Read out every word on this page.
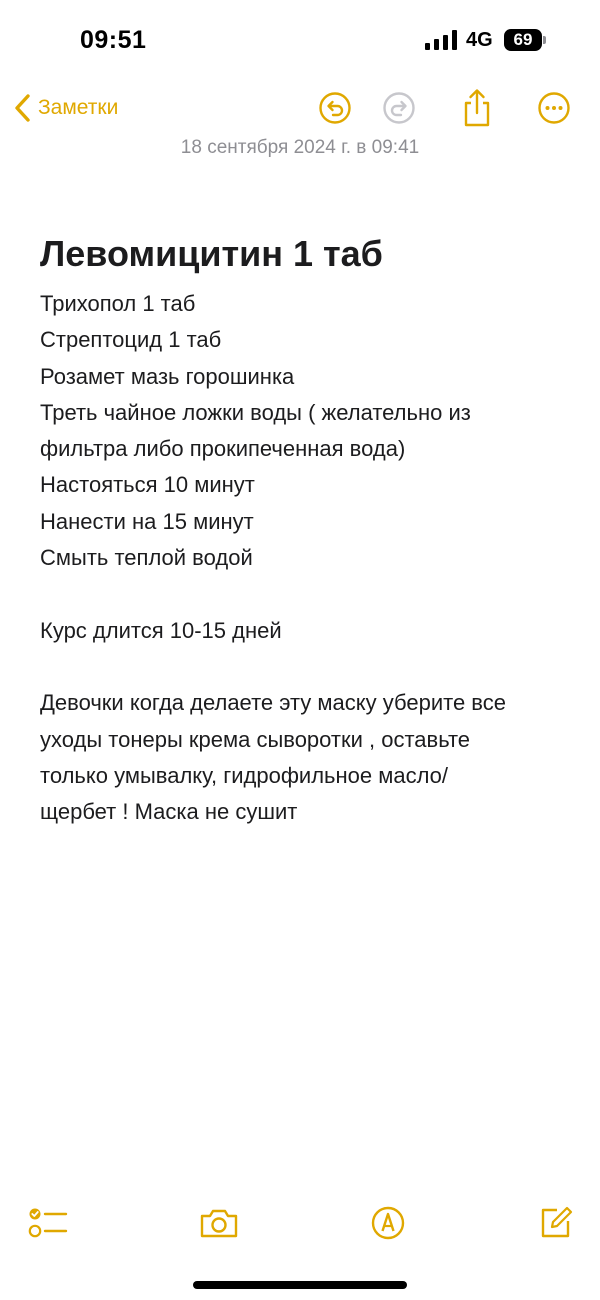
09:51	4G	69
Заметки
18 сентября 2024 г. в 09:41
Левомицитин 1 таб
Трихопол 1 таб
Стрептоцид 1 таб
Розамет мазь горошинка
Треть чайное ложки воды ( желательно из
фильтра либо прокипеченная вода)
Настояться 10 минут
Нанести на 15 минут
Смыть теплой водой
Курс длится 10-15 дней
Девочки когда делаете эту маску уберите все
уходы тонеры крема сыворотки , оставьте
только умывалку, гидрофильное масло/
щербет ! Маска не сушит
